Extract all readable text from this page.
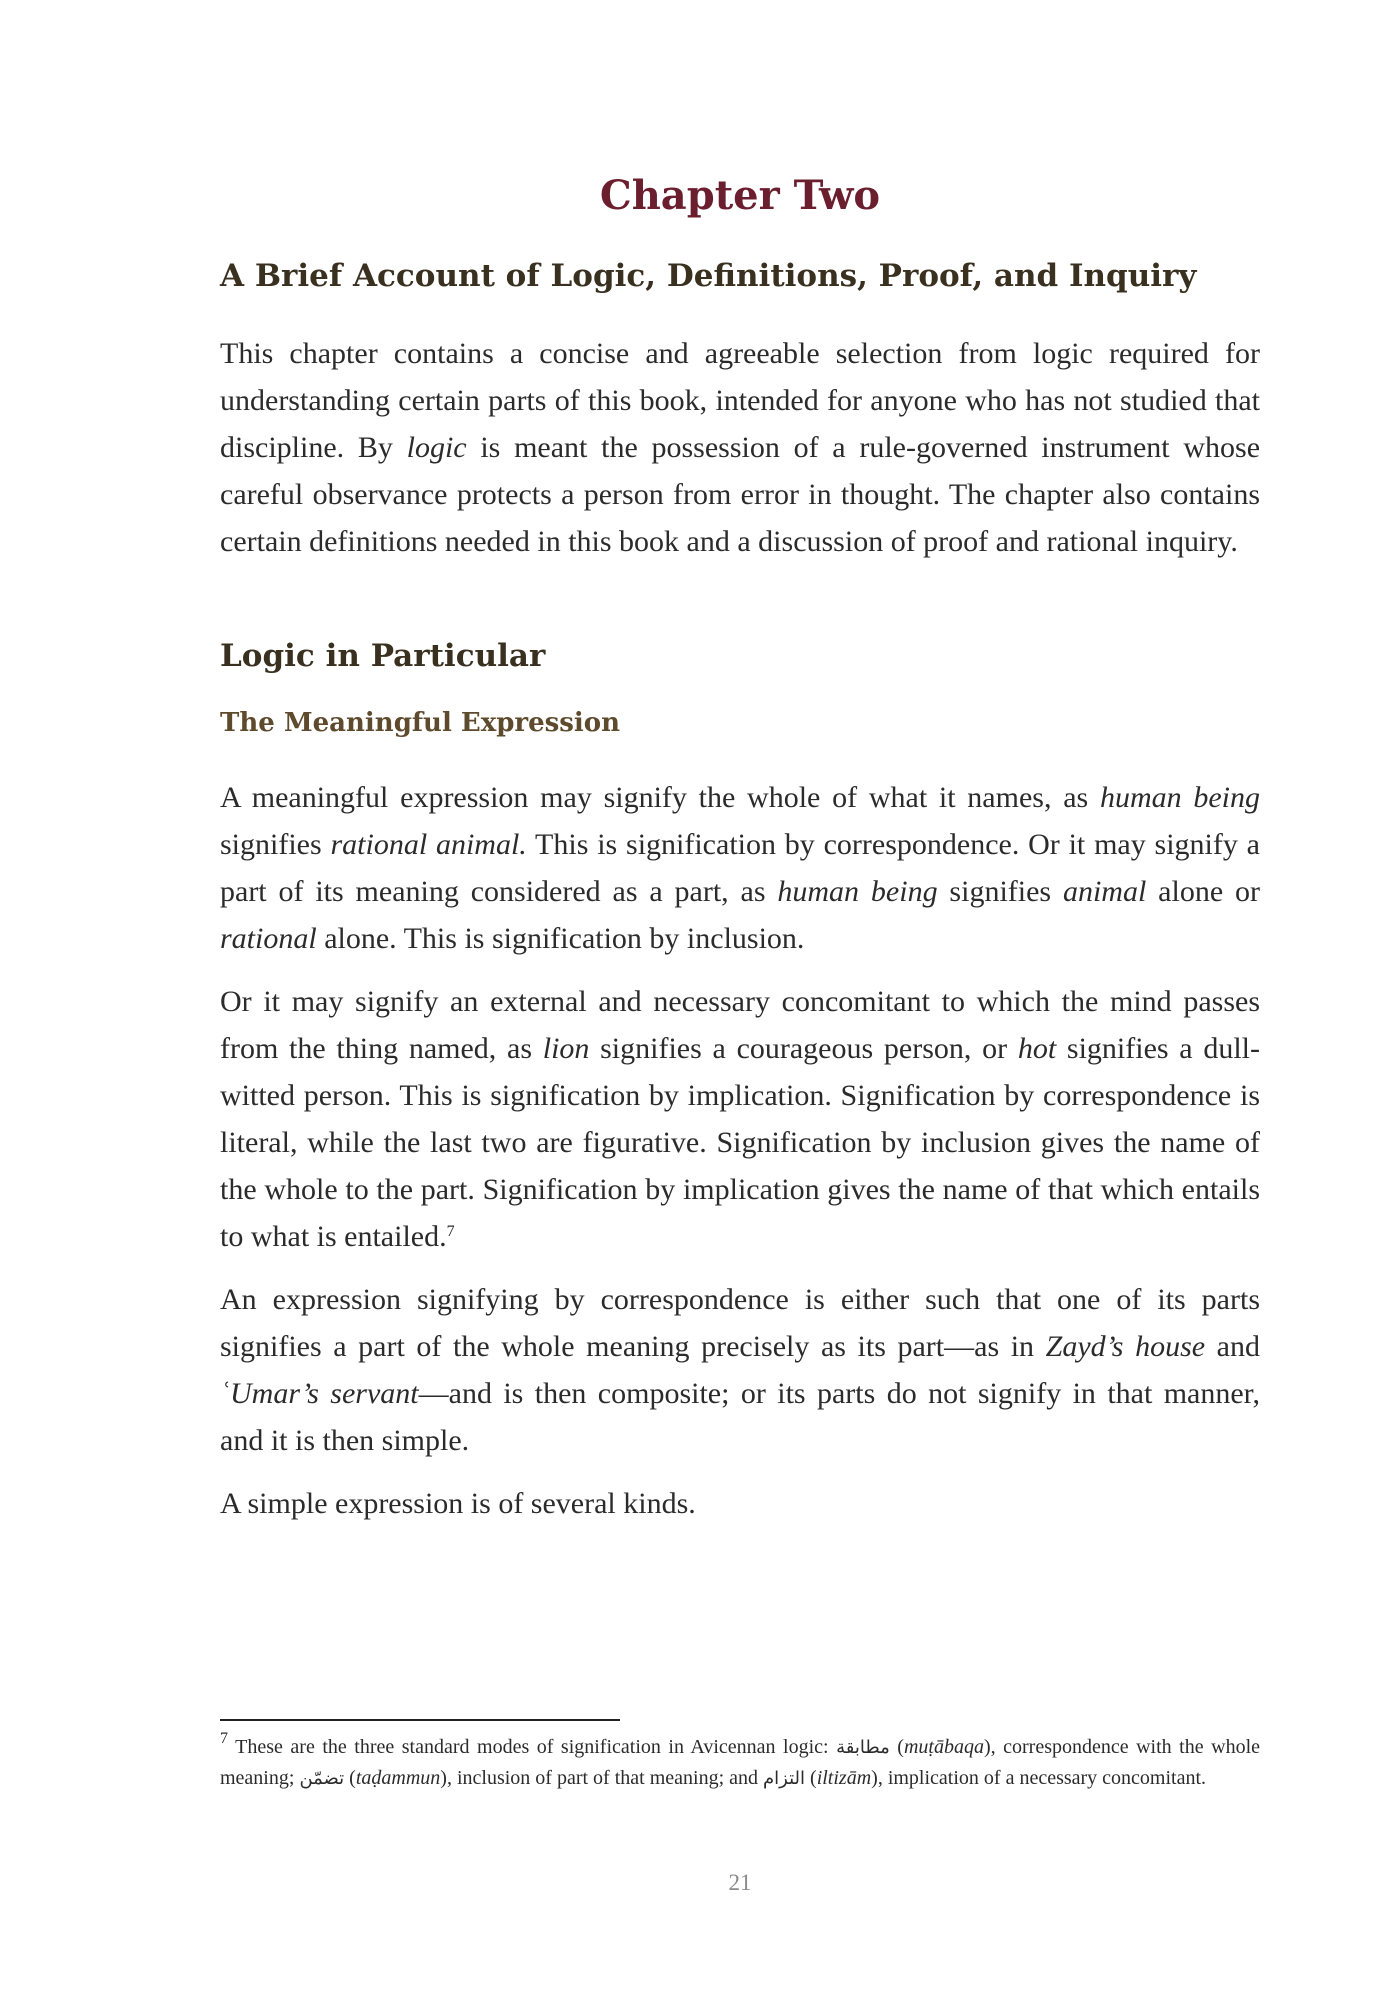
Chapter Two
A Brief Account of Logic, Definitions, Proof, and Inquiry

This chapter contains a concise and agreeable selection from logic required for understanding certain parts of this book, intended for anyone who has not studied that discipline. By logic is meant the possession of a rule-governed instrument whose careful observance protects a person from error in thought. The chapter also contains certain definitions needed in this book and a discussion of proof and rational inquiry.

Logic in Particular
The Meaningful Expression

A meaningful expression may signify the whole of what it names, as human being signifies rational animal. This is signification by correspondence. Or it may signify a part of its meaning considered as a part, as human being signifies animal alone or rational alone. This is signification by inclusion.

Or it may signify an external and necessary concomitant to which the mind passes from the thing named, as lion signifies a courageous person, or hot signifies a dull-witted person. This is signification by implication. Signification by correspondence is literal, while the last two are figurative. Signification by inclusion gives the name of the whole to the part. Signification by implication gives the name of that which entails to what is entailed.$^7$

An expression signifying by correspondence is either such that one of its parts signifies a part of the whole meaning precisely as its part—as in Zayd’s house and ʿUmar’s servant—and is then composite; or its parts do not signify in that manner, and it is then simple.

A simple expression is of several kinds.

$^7$ These are the three standard modes of signification in Avicennan logic: مطابقة (muṭābaqa), correspondence with the whole meaning; تضمّن (taḍammun), inclusion of part of that meaning; and التزام (iltizām), implication of a necessary concomitant.

21
